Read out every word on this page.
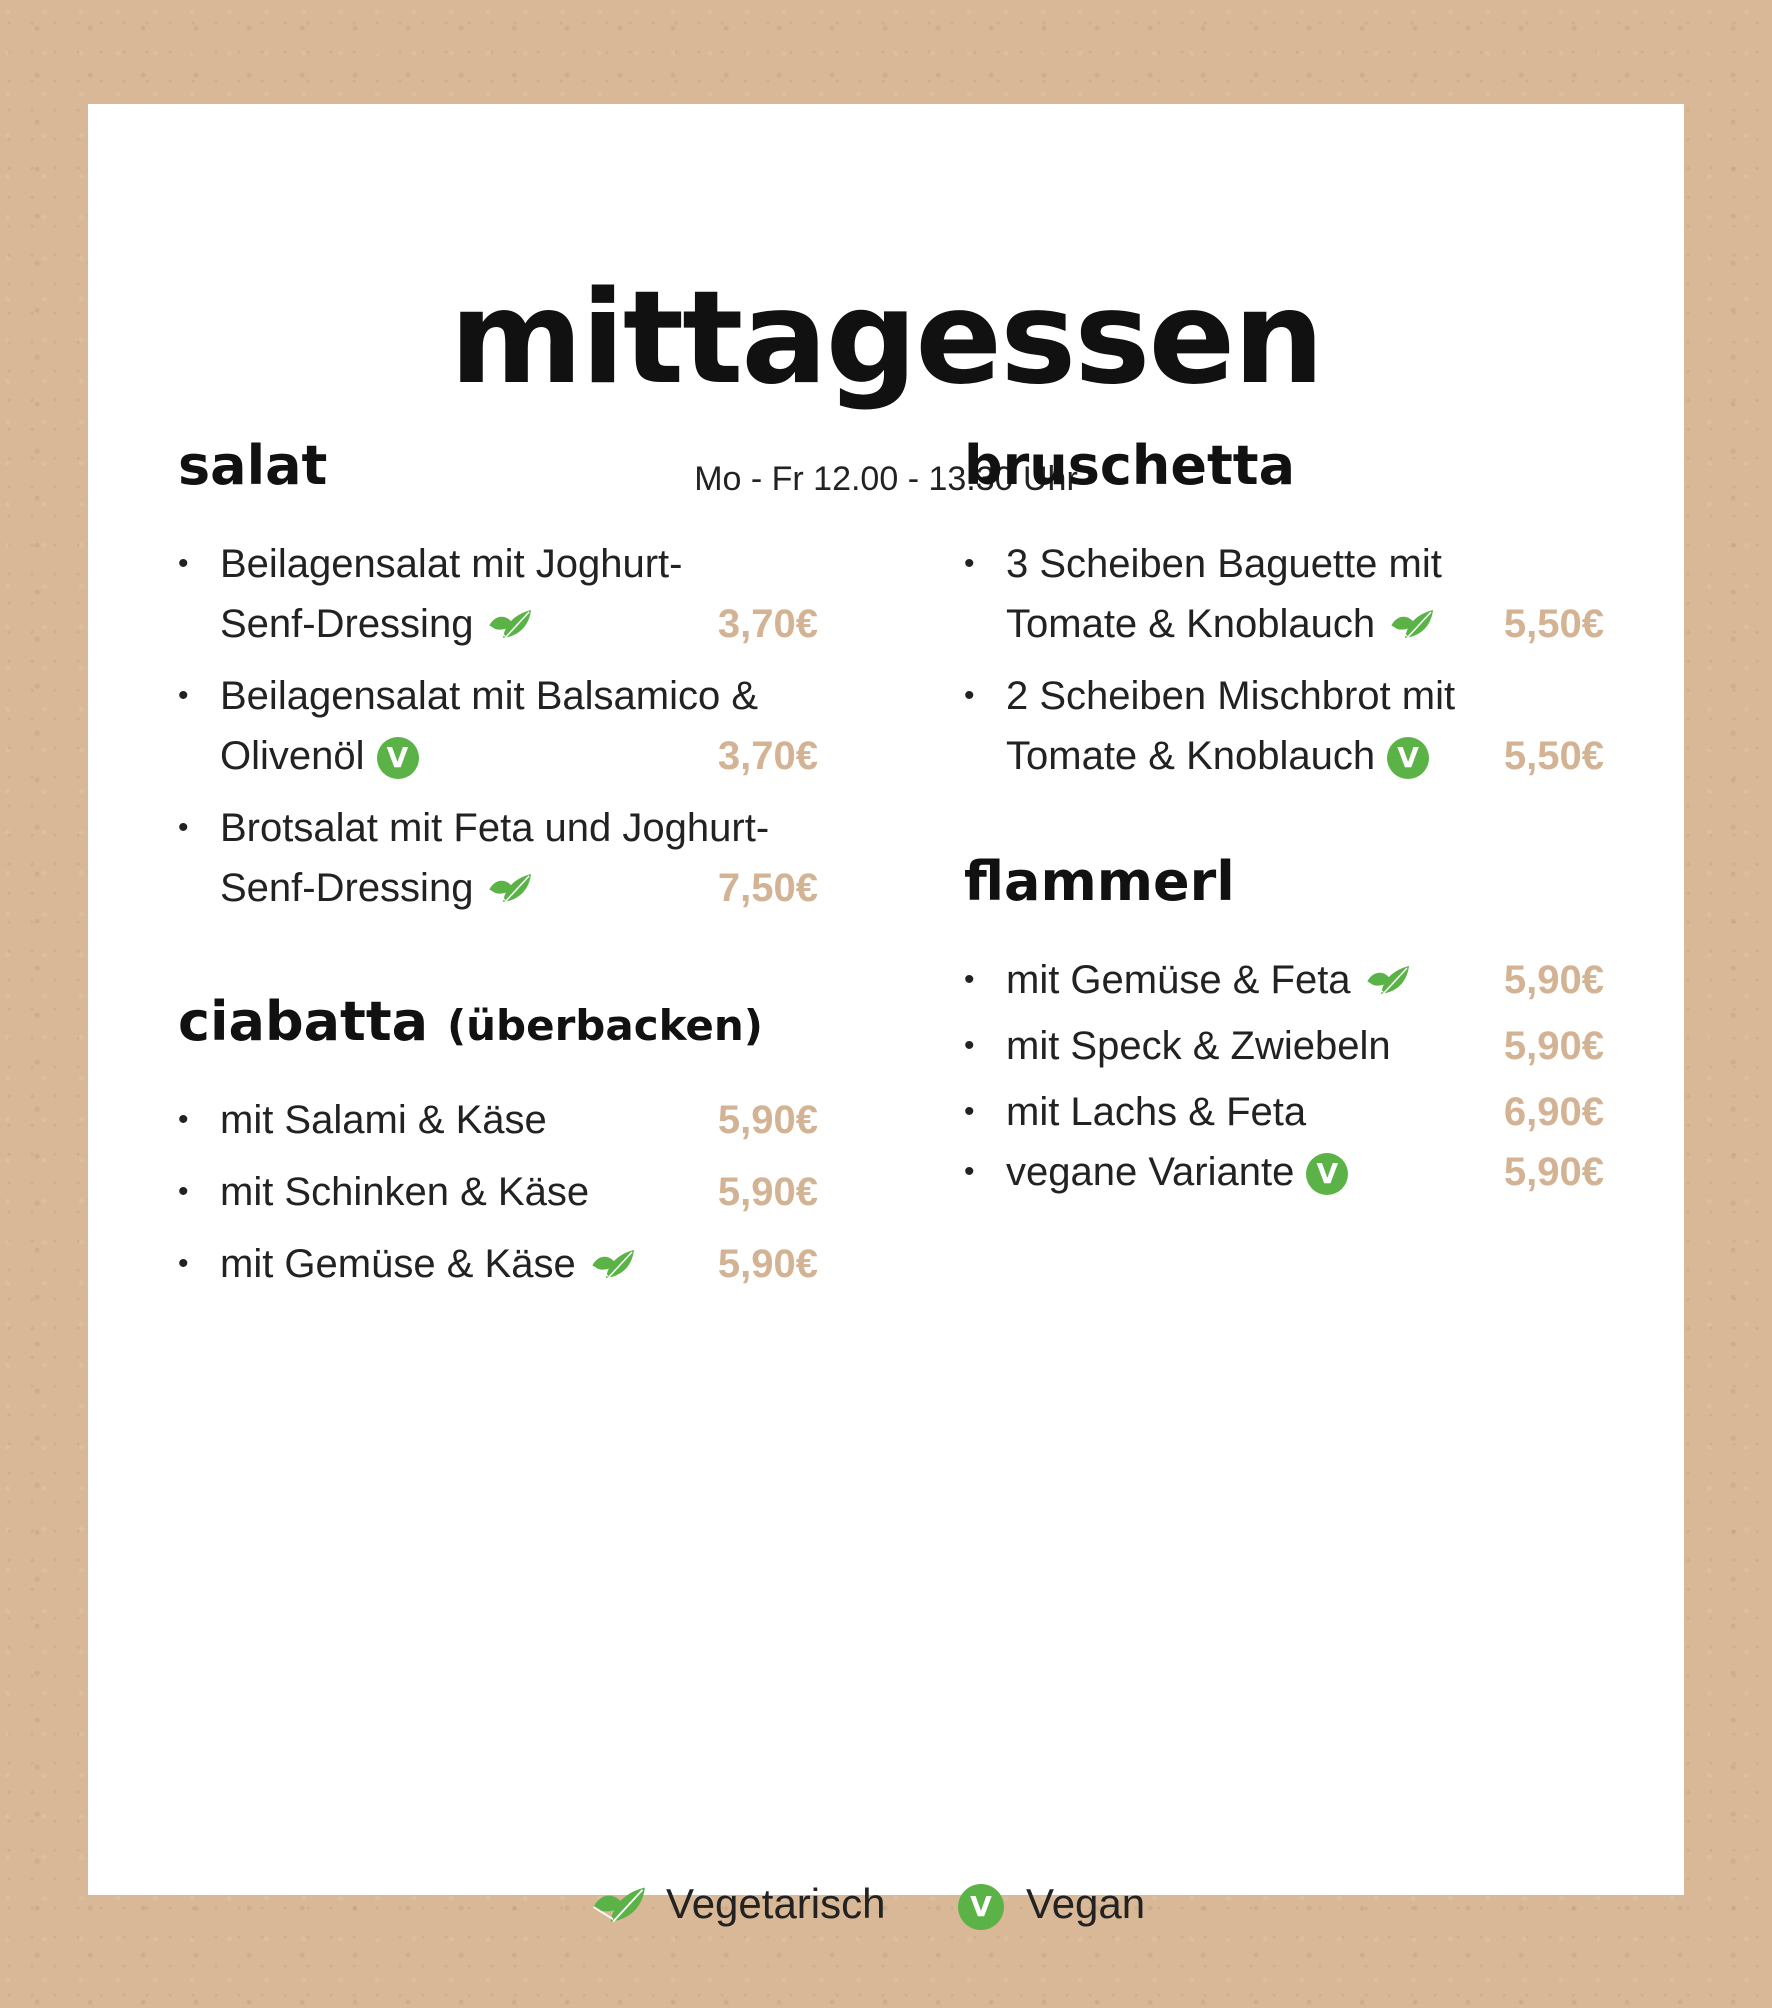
mittagessen
Mo - Fr 12.00 - 13.30 Uhr
salat
• Beilagensalat mit Joghurt-
Senf-Dressing	3,70€
• Beilagensalat mit Balsamico &
Olivenöl V	3,70€
• Brotsalat mit Feta und Joghurt-
Senf-Dressing	7,50€
ciabatta (überbacken)
• mit Salami & Käse	5,90€
• mit Schinken & Käse	5,90€
• mit Gemüse & Käse	5,90€
bruschetta
• 3 Scheiben Baguette mit
Tomate & Knoblauch	5,50€
• 2 Scheiben Mischbrot mit
Tomate & Knoblauch V 5,50€
flammerl
• mit Gemüse & Feta	5,90€
• mit Speck & Zwiebeln	5,90€
• mit Lachs & Feta	6,90€
• vegane Variante V	5,90€
Vegetarisch	V Vegan
